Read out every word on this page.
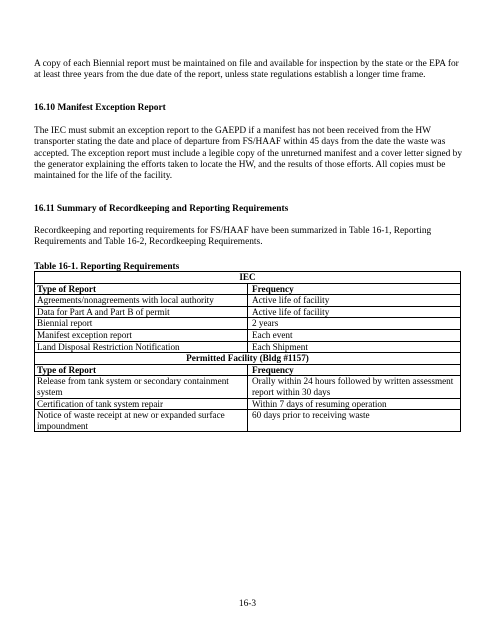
A copy of each Biennial report must be maintained on file and available for inspection by the state or the EPA for at least three years from the due date of the report, unless state regulations establish a longer time frame.

16.10 Manifest Exception Report

The IEC must submit an exception report to the GAEPD if a manifest has not been received from the HW transporter stating the date and place of departure from FS/HAAF within 45 days from the date the waste was accepted. The exception report must include a legible copy of the unreturned manifest and a cover letter signed by the generator explaining the efforts taken to locate the HW, and the results of those efforts. All copies must be maintained for the life of the facility.

16.11 Summary of Recordkeeping and Reporting Requirements

Recordkeeping and reporting requirements for FS/HAAF have been summarized in Table 16-1, Reporting Requirements and Table 16-2, Recordkeeping Requirements.

Table 16-1. Reporting Requirements

IEC	
Type of Report	Frequency
Agreements/nonagreements with local authority	Active life of facility
Data for Part A and Part B of permit	Active life of facility
Biennial report	2 years
Manifest exception report	Each event
Land Disposal Restriction Notification	Each Shipment
Permitted Facility (Bldg #1157)	
Type of Report	Frequency
Release from tank system or secondary containment system	Orally within 24 hours followed by written assessment report within 30 days
Certification of tank system repair	Within 7 days of resuming operation
Notice of waste receipt at new or expanded surface impoundment	60 days prior to receiving waste

16-3
